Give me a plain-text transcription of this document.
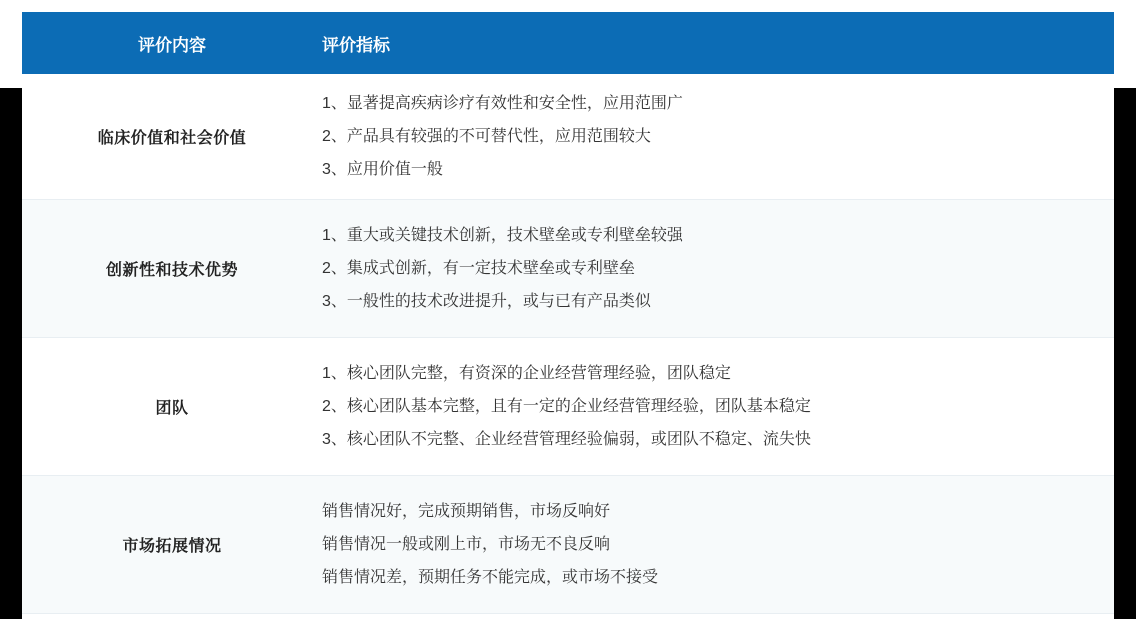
评价内容	评价指标
临床价值和社会价值	1、显著提高疾病诊疗有效性和安全性，应用范围广
2、产品具有较强的不可替代性，应用范围较大
3、应用价值一般

创新性和技术优势	1、重大或关键技术创新，技术壁垒或专利壁垒较强
2、集成式创新，有一定技术壁垒或专利壁垒
3、一般性的技术改进提升，或与已有产品类似

团队	1、核心团队完整，有资深的企业经营管理经验，团队稳定
2、核心团队基本完整，且有一定的企业经营管理经验，团队基本稳定
3、核心团队不完整、企业经营管理经验偏弱，或团队不稳定、流失快

市场拓展情况	销售情况好，完成预期销售，市场反响好
销售情况一般或刚上市，市场无不良反响
销售情况差，预期任务不能完成，或市场不接受
